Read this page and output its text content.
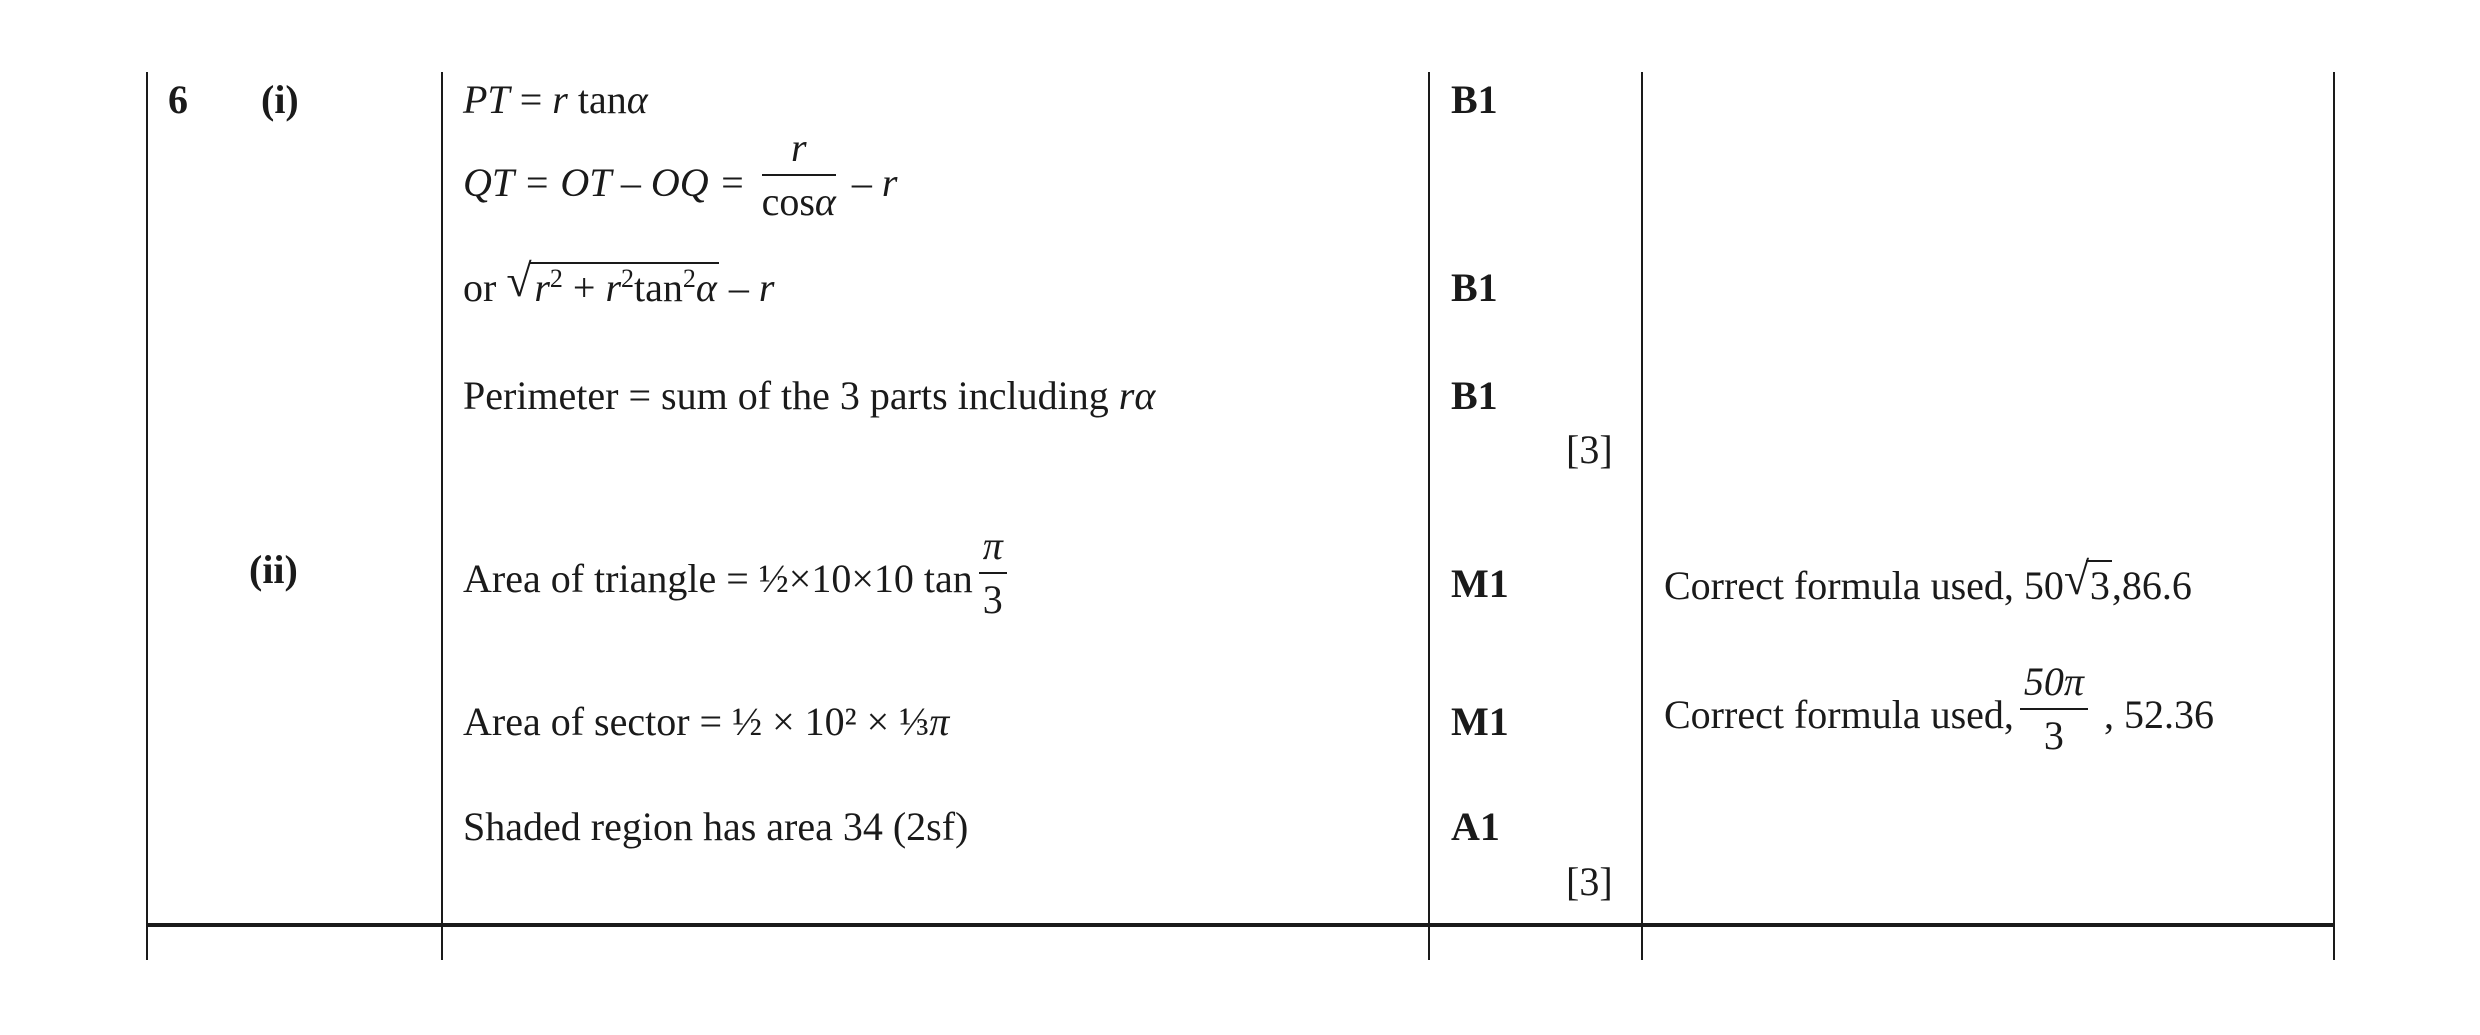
6 (i)
(ii)
PT = r tanα
QT = OT – OQ = $\frac{r}{\cos\alpha}$ – r
or √ $r^2 + r^2\tan^2\alpha - r$
Perimeter = sum of the 3 parts including rα
B1
B1
B1
[3]
Area of triangle = ½×10×10 $\tan \frac{\pi}{3}$
Area of sector = ½ × 10² × ⅓π
Shaded region has area 34 (2sf)
M1
M1
A1
[3]
Correct formula used, 50 √ 3,86.6
Correct formula used, $\frac{50\pi}{3}$ , 52.36
